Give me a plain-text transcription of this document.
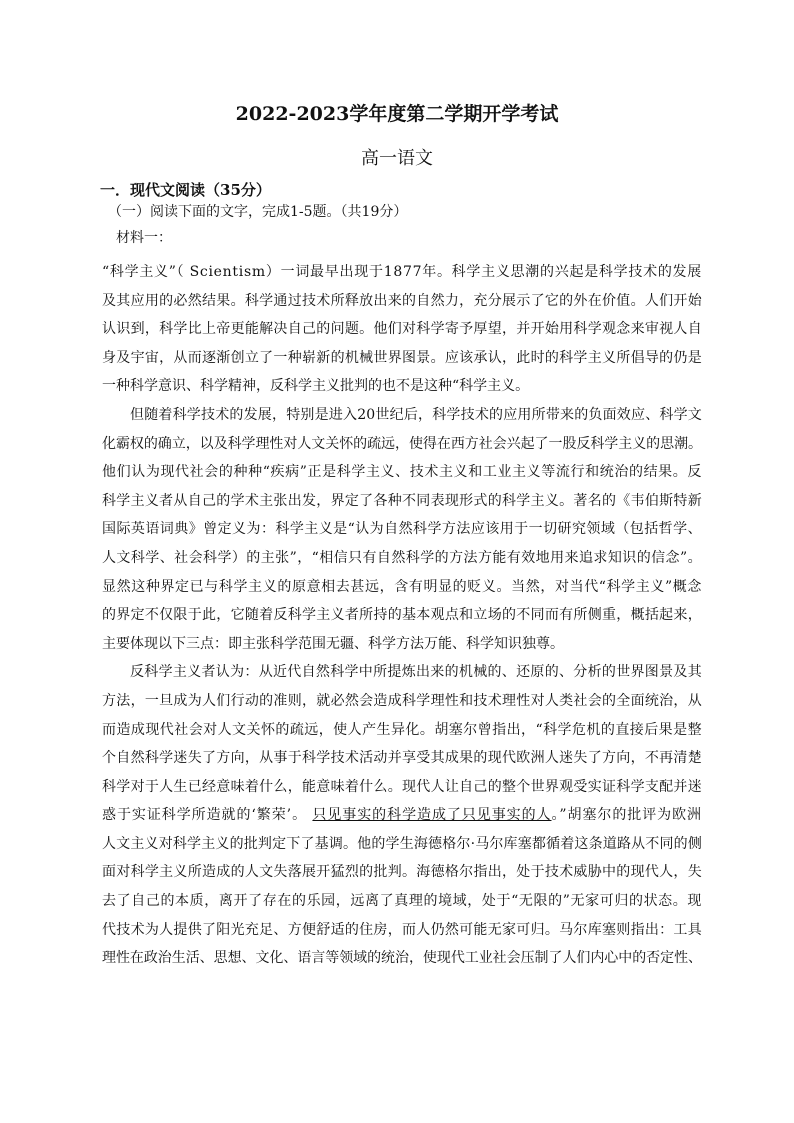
2022-2023学年度第二学期开学考试
高一语文
一．现代文阅读（35分）
（一）阅读下面的文字，完成1-5题。（共19分）
材料一：
“科学主义”（ Scientism）一词最早出现于1877年。科学主义思潮的兴起是科学技术的发展
及其应用的必然结果。科学通过技术所释放出来的自然力，充分展示了它的外在价值。人们开始
认识到，科学比上帝更能解决自己的问题。他们对科学寄予厚望，并开始用科学观念来审视人自
身及宇宙，从而逐渐创立了一种崭新的机械世界图景。应该承认，此时的科学主义所倡导的仍是
一种科学意识、科学精神，反科学主义批判的也不是这种“科学主义。
但随着科学技术的发展，特别是进入20世纪后，科学技术的应用所带来的负面效应、科学文
化霸权的确立，以及科学理性对人文关怀的疏远，使得在西方社会兴起了一股反科学主义的思潮。
他们认为现代社会的种种“疾病”正是科学主义、技术主义和工业主义等流行和统治的结果。反
科学主义者从自己的学术主张出发，界定了各种不同表现形式的科学主义。著名的《韦伯斯特新
国际英语词典》曾定义为：科学主义是“认为自然科学方法应该用于一切研究领域（包括哲学、
人文科学、社会科学）的主张”，“相信只有自然科学的方法方能有效地用来追求知识的信念”。
显然这种界定已与科学主义的原意相去甚远，含有明显的贬义。当然，对当代“科学主义”概念
的界定不仅限于此，它随着反科学主义者所持的基本观点和立场的不同而有所侧重，概括起来，
主要体现以下三点：即主张科学范围无疆、科学方法万能、科学知识独尊。
反科学主义者认为：从近代自然科学中所提炼出来的机械的、还原的、分析的世界图景及其
方法，一旦成为人们行动的准则，就必然会造成科学理性和技术理性对人类社会的全面统治，从
而造成现代社会对人文关怀的疏远，使人产生异化。胡塞尔曾指出，“科学危机的直接后果是整
个自然科学迷失了方向，从事于科学技术活动并享受其成果的现代欧洲人迷失了方向，不再清楚
科学对于人生已经意味着什么，能意味着什么。现代人让自己的整个世界观受实证科学支配并迷
惑于实证科学所造就的‘繁荣’。 只见事实的科学造成了只见事实的人。”胡塞尔的批评为欧洲
人文主义对科学主义的批判定下了基调。他的学生海德格尔·马尔库塞都循着这条道路从不同的侧
面对科学主义所造成的人文失落展开猛烈的批判。海德格尔指出，处于技术威胁中的现代人，失
去了自己的本质，离开了存在的乐园，远离了真理的境域，处于“无限的”无家可归的状态。现
代技术为人提供了阳光充足、方便舒适的住房，而人仍然可能无家可归。马尔库塞则指出：工具
理性在政治生活、思想、文化、语言等领域的统治，使现代工业社会压制了人们内心中的否定性、
